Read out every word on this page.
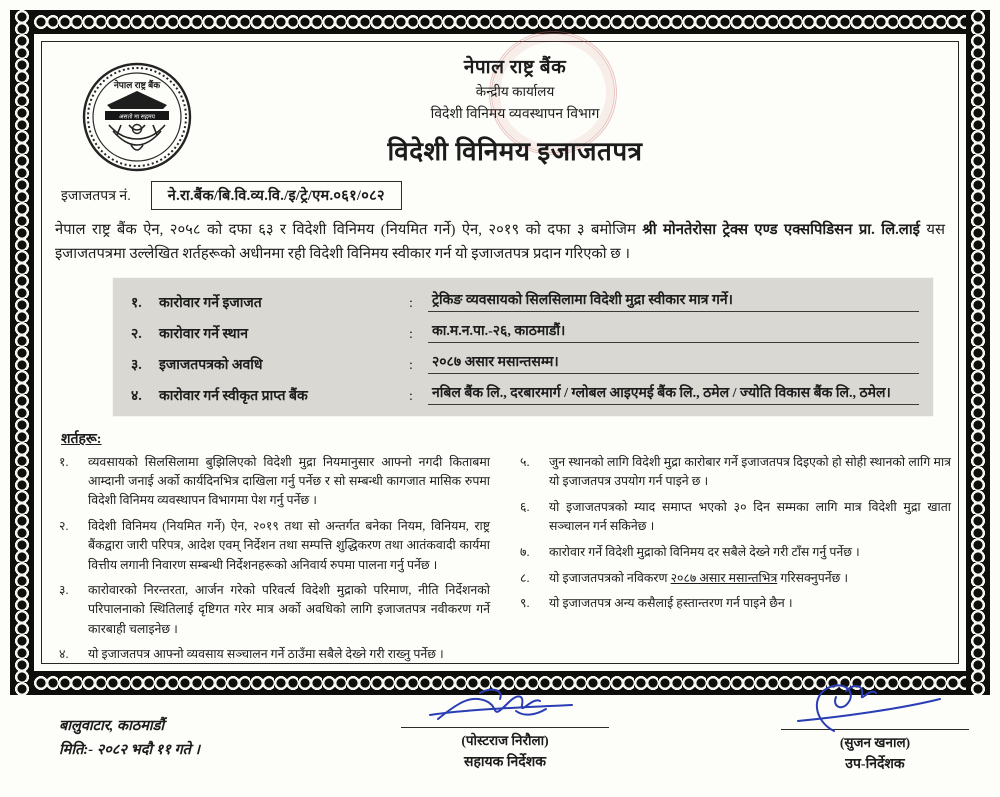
नेपाल राष्ट्र बैंक
असतो मा सद्गमय
नेपाल राष्ट्र बैंक
केन्द्रीय कार्यालय
विदेशी विनिमय व्यवस्थापन विभाग
विदेशी विनिमय इजाजतपत्र
इजाजतपत्र नं.	ने.रा.बैंक/बि.वि.व्य.वि./इ/ट्रे/एम.०६१/०८२

नेपाल राष्ट्र बैंक ऐन, २०५८ को दफा ६३ र विदेशी विनिमय (नियमित गर्ने) ऐन, २०१९ को दफा ३ बमोजिम श्री मोनतेरोसा ट्रेक्स एण्ड एक्सपिडिसन प्रा. लि.लाई यस इजाजतपत्रमा उल्लेखित शर्तहरूको अधीनमा रही विदेशी विनिमय स्वीकार गर्न यो इजाजतपत्र प्रदान गरिएको छ ।

१.	कारोवार गर्ने इजाजत	:	ट्रेकिङ व्यवसायको सिलसिलामा विदेशी मुद्रा स्वीकार मात्र गर्ने।
२.	कारोवार गर्ने स्थान	:	का.म.न.पा.-२६, काठमाडौं।
३.	इजाजतपत्रको अवधि	:	२०८७ असार मसान्तसम्म।
४.	कारोवार गर्न स्वीकृत प्राप्त बैंक	:	नबिल बैंक लि., दरबारमार्ग / ग्लोबल आइएमई बैंक लि., ठमेल / ज्योति विकास बैंक लि., ठमेल।
शर्तहरू:
१.	व्यवसायको सिलसिलामा बुझिलिएको विदेशी मुद्रा नियमानुसार आफ्नो नगदी किताबमा आम्दानी जनाई अर्को कार्यदिनभित्र दाखिला गर्नु पर्नेछ र सो सम्बन्धी कागजात मासिक रुपमा विदेशी विनिमय व्यवस्थापन विभागमा पेश गर्नु पर्नेछ ।
२.	विदेशी विनिमय (नियमित गर्ने) ऐन, २०१९ तथा सो अन्तर्गत बनेका नियम, विनियम, राष्ट्र बैंकद्वारा जारी परिपत्र, आदेश एवम् निर्देशन तथा सम्पत्ति शुद्धिकरण तथा आतंकवादी कार्यमा वित्तीय लगानी निवारण सम्बन्धी निर्देशनहरूको अनिवार्य रुपमा पालना गर्नु पर्नेछ ।
३.	कारोवारको निरन्तरता, आर्जन गरेको परिवर्त्य विदेशी मुद्राको परिमाण, नीति निर्देशनको परिपालनाको स्थितिलाई दृष्टिगत गरेर मात्र अर्को अवधिको लागि इजाजतपत्र नवीकरण गर्ने कारबाही चलाइनेछ ।
४.	यो इजाजतपत्र आफ्नो व्यवसाय सञ्चालन गर्ने ठाउँमा सबैले देख्ने गरी राख्नु पर्नेछ ।
५.	जुन स्थानको लागि विदेशी मुद्रा कारोबार गर्ने इजाजतपत्र दिइएको हो सोही स्थानको लागि मात्र यो इजाजतपत्र उपयोग गर्न पाइने छ ।
६.	यो इजाजतपत्रको म्याद समाप्त भएको ३० दिन सम्मका लागि मात्र विदेशी मुद्रा खाता सञ्चालन गर्न सकिनेछ ।
७.	कारोवार गर्ने विदेशी मुद्राको विनिमय दर सबैले देख्ने गरी टाँस गर्नु पर्नेछ ।
८.	यो इजाजतपत्रको नविकरण २०८७ असार मसान्तभित्र गरिसक्नुपर्नेछ ।
९.	यो इजाजतपत्र अन्य कसैलाई हस्तान्तरण गर्न पाइने छैन ।
बालुवाटार, काठमाडौं
मिति:- २०८२ भदौ ११ गते ।
(पोस्टराज निरौला)
सहायक निर्देशक
(सुजन खनाल)
उप-निर्देशक
